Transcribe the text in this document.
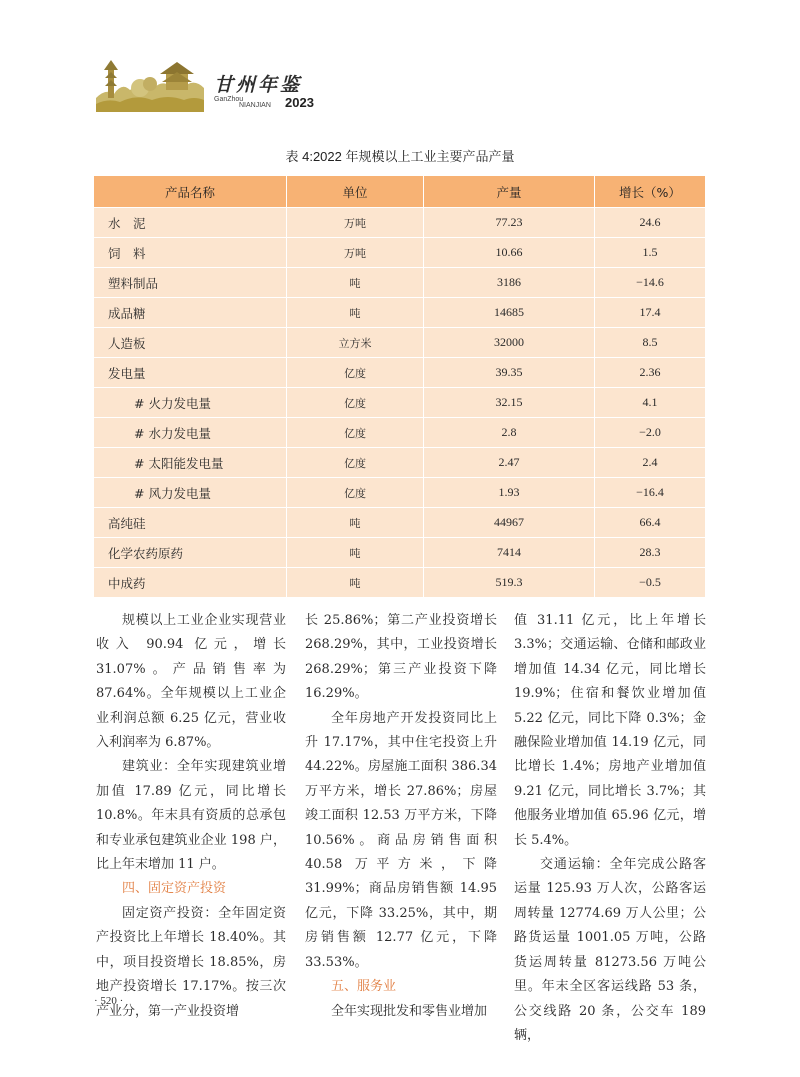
甘州年鉴
GanZhou
NIANJIAN 2023
表 4:2022 年规模以上工业主要产品产量
产品名称	单位	产量	增长（%）
水　泥	万吨	77.23	24.6
饲　料	万吨	10.66	1.5
塑料制品	吨	3186	−14.6
成品糖	吨	14685	17.4
人造板	立方米	32000	8.5
发电量	亿度	39.35	2.36
# 火力发电量	亿度	32.15	4.1
# 水力发电量	亿度	2.8	−2.0
# 太阳能发电量	亿度	2.47	2.4
# 风力发电量	亿度	1.93	−16.4
高纯硅	吨	44967	66.4
化学农药原药	吨	7414	28.3
中成药	吨	519.3	−0.5

规模以上工业企业实现营业收入 90.94 亿元，增长 31.07%。产品销售率为 87.64%。全年规模以上工业企业利润总额 6.25 亿元，营业收入利润率为 6.87%。

建筑业：全年实现建筑业增加值 17.89 亿元，同比增长 10.8%。年末具有资质的总承包和专业承包建筑业企业 198 户，比上年末增加 11 户。

四、固定资产投资

固定资产投资：全年固定资产投资比上年增长 18.40%。其中，项目投资增长 18.85%，房地产投资增长 17.17%。按三次产业分，第一产业投资增

长 25.86%；第二产业投资增长 268.29%，其中，工业投资增长 268.29%；第三产业投资下降 16.29%。

全年房地产开发投资同比上升 17.17%，其中住宅投资上升 44.22%。房屋施工面积 386.34 万平方米，增长 27.86%；房屋竣工面积 12.53 万平方米，下降 10.56%。商品房销售面积 40.58 万平方米，下降 31.99%；商品房销售额 14.95 亿元，下降 33.25%，其中，期房销售额 12.77 亿元，下降 33.53%。

五、服务业

全年实现批发和零售业增加

值 31.11 亿元，比上年增长 3.3%；交通运输、仓储和邮政业增加值 14.34 亿元，同比增长 19.9%；住宿和餐饮业增加值 5.22 亿元，同比下降 0.3%；金融保险业增加值 14.19 亿元，同比增长 1.4%；房地产业增加值 9.21 亿元，同比增长 3.7%；其他服务业增加值 65.96 亿元，增长 5.4%。

交通运输：全年完成公路客运量 125.93 万人次，公路客运周转量 12774.69 万人公里；公路货运量 1001.05 万吨，公路货运周转量 81273.56 万吨公里。年末全区客运线路 53 条，公交线路 20 条，公交车 189 辆，

· 520 ·
